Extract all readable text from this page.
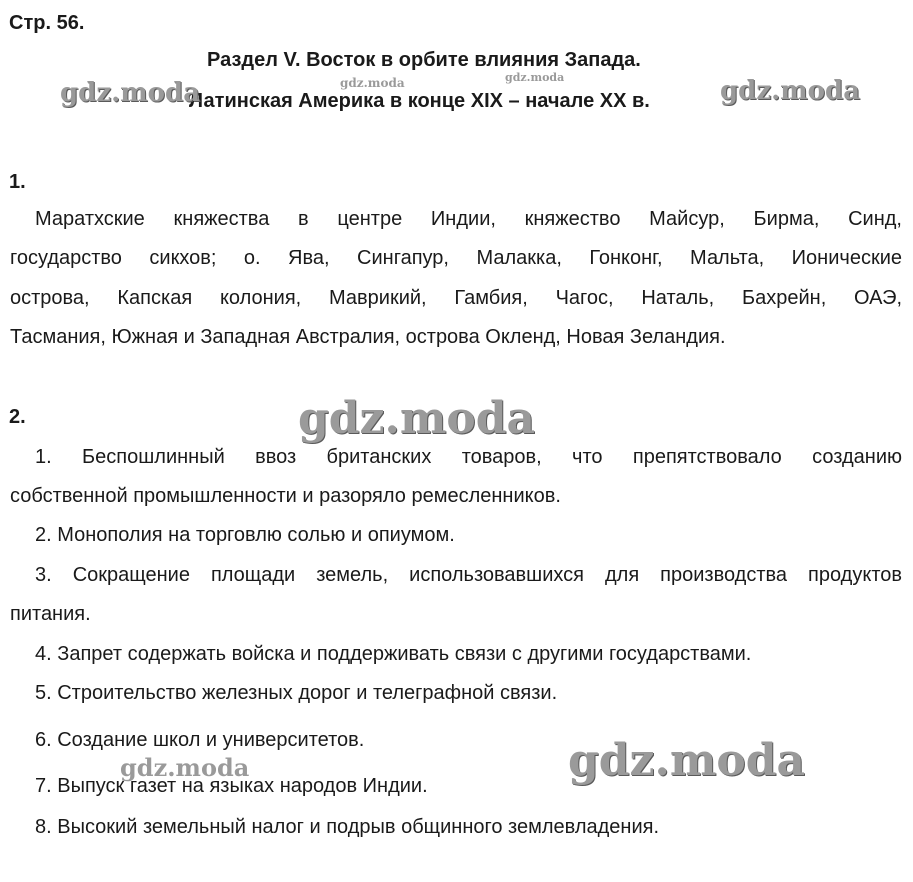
Стр. 56.
Раздел V. Восток в орбите влияния Запада.
Латинская Америка в конце XIX – начале XX в.
gdz.moda	gdz.moda	gdz.moda	gdz.moda
gdz.moda
gdz.moda
gdz.moda
1.
Маратхские княжества в центре Индии, княжество Майсур, Бирма, Синд,
государство сикхов; о. Ява, Сингапур, Малакка, Гонконг, Мальта, Ионические
острова, Капская колония, Маврикий, Гамбия, Чагос, Наталь, Бахрейн, ОАЭ,
Тасмания, Южная и Западная Австралия, острова Окленд, Новая Зеландия.
2.
1. Беспошлинный ввоз британских товаров, что препятствовало созданию
собственной промышленности и разоряло ремесленников.
2. Монополия на торговлю солью и опиумом.
3. Сокращение площади земель, использовавшихся для производства продуктов
питания.
4. Запрет содержать войска и поддерживать связи с другими государствами.
5. Строительство железных дорог и телеграфной связи.
6. Создание школ и университетов.
7. Выпуск газет на языках народов Индии.
8. Высокий земельный налог и подрыв общинного землевладения.
